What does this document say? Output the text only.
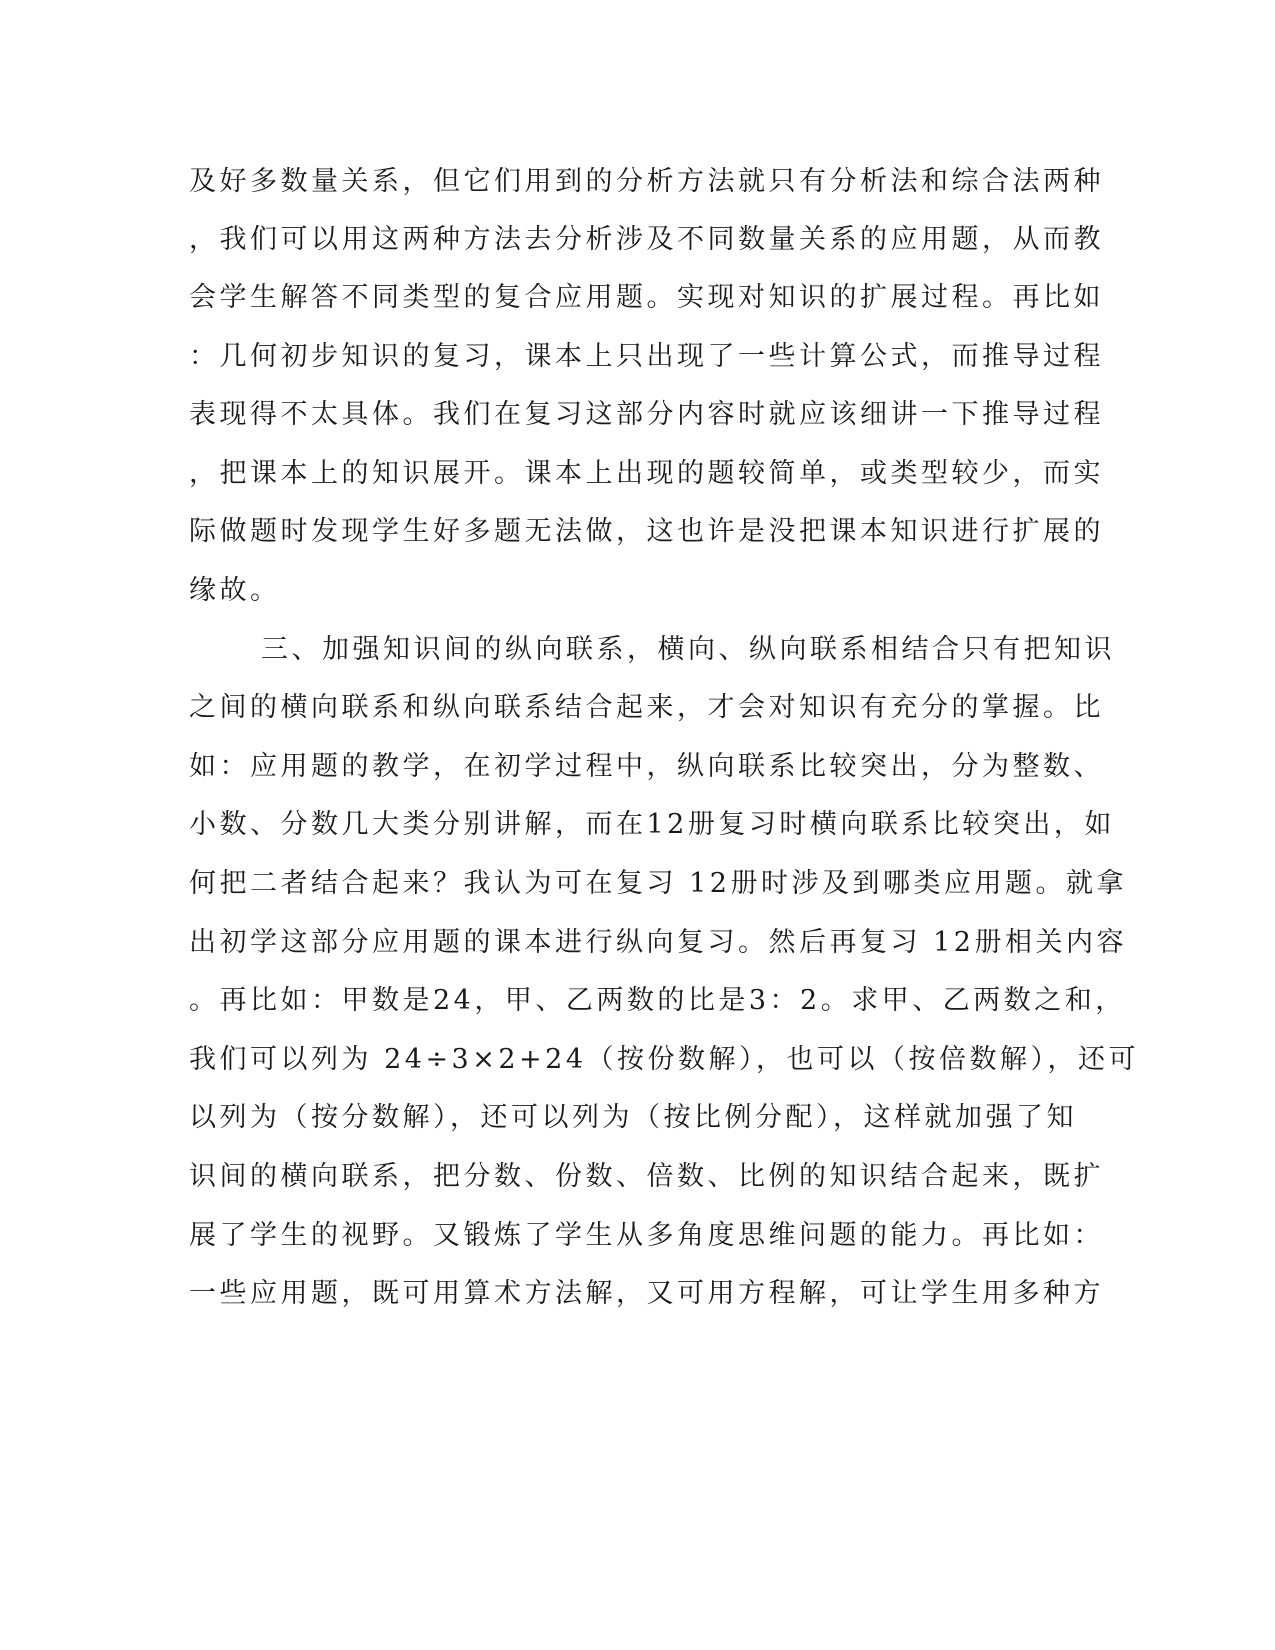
及好多数量关系，但它们用到的分析方法就只有分析法和综合法两种
，我们可以用这两种方法去分析涉及不同数量关系的应用题，从而教
会学生解答不同类型的复合应用题。实现对知识的扩展过程。再比如
：几何初步知识的复习，课本上只出现了一些计算公式，而推导过程
表现得不太具体。我们在复习这部分内容时就应该细讲一下推导过程
，把课本上的知识展开。课本上出现的题较简单，或类型较少，而实
际做题时发现学生好多题无法做，这也许是没把课本知识进行扩展的
缘故。
三、加强知识间的纵向联系，横向、纵向联系相结合只有把知识
之间的横向联系和纵向联系结合起来，才会对知识有充分的掌握。比
如：应用题的教学，在初学过程中，纵向联系比较突出，分为整数、
小数、分数几大类分别讲解，而在12册复习时横向联系比较突出，如
何把二者结合起来？我认为可在复习 12册时涉及到哪类应用题。就拿
出初学这部分应用题的课本进行纵向复习。然后再复习 12册相关内容
。再比如：甲数是24，甲、乙两数的比是3：2。求甲、乙两数之和，
我们可以列为 24÷3×2+24（按份数解），也可以（按倍数解），还可
以列为（按分数解），还可以列为（按比例分配），这样就加强了知
识间的横向联系，把分数、份数、倍数、比例的知识结合起来，既扩
展了学生的视野。又锻炼了学生从多角度思维问题的能力。再比如：
一些应用题，既可用算术方法解，又可用方程解，可让学生用多种方
